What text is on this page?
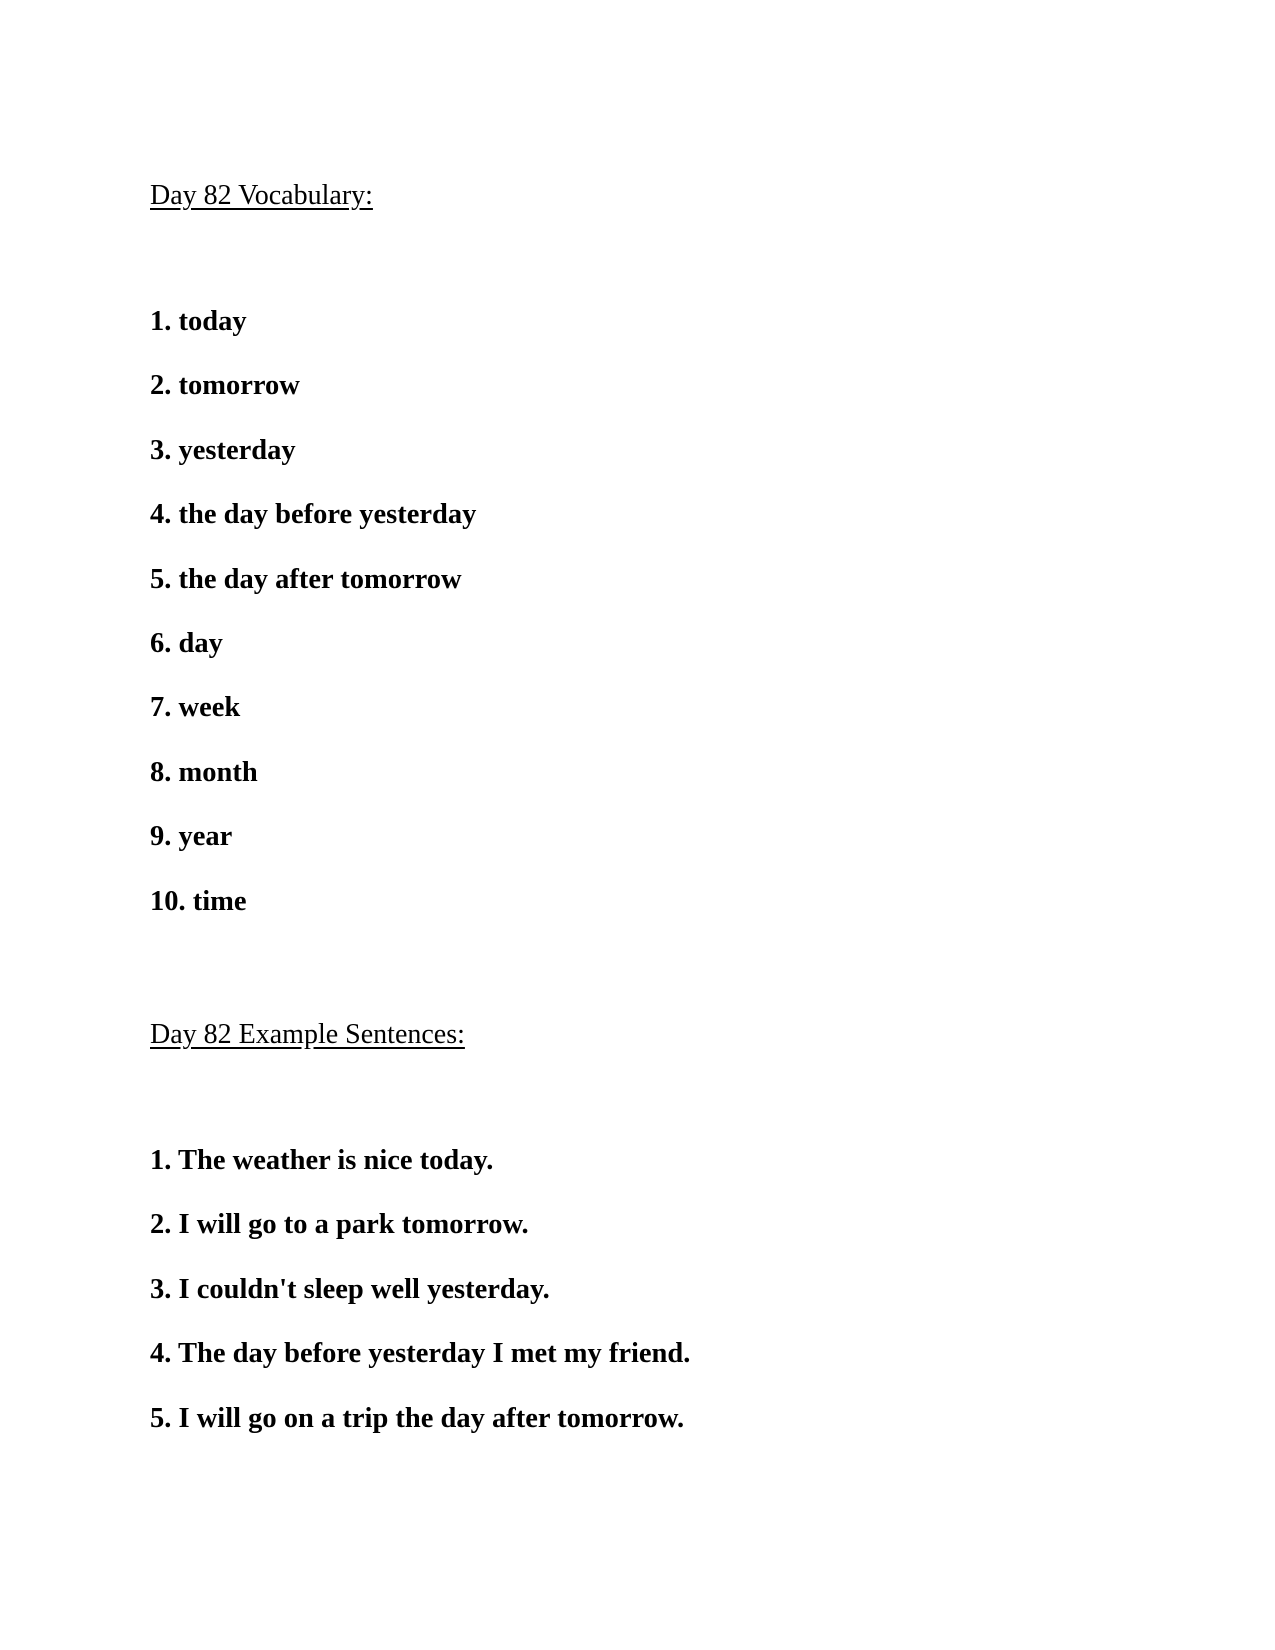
Day 82 Vocabulary:
1. today
2. tomorrow
3. yesterday
4. the day before yesterday
5. the day after tomorrow
6. day
7. week
8. month
9. year
10. time
Day 82 Example Sentences:
1. The weather is nice today.
2. I will go to a park tomorrow.
3. I couldn't sleep well yesterday.
4. The day before yesterday I met my friend.
5. I will go on a trip the day after tomorrow.
